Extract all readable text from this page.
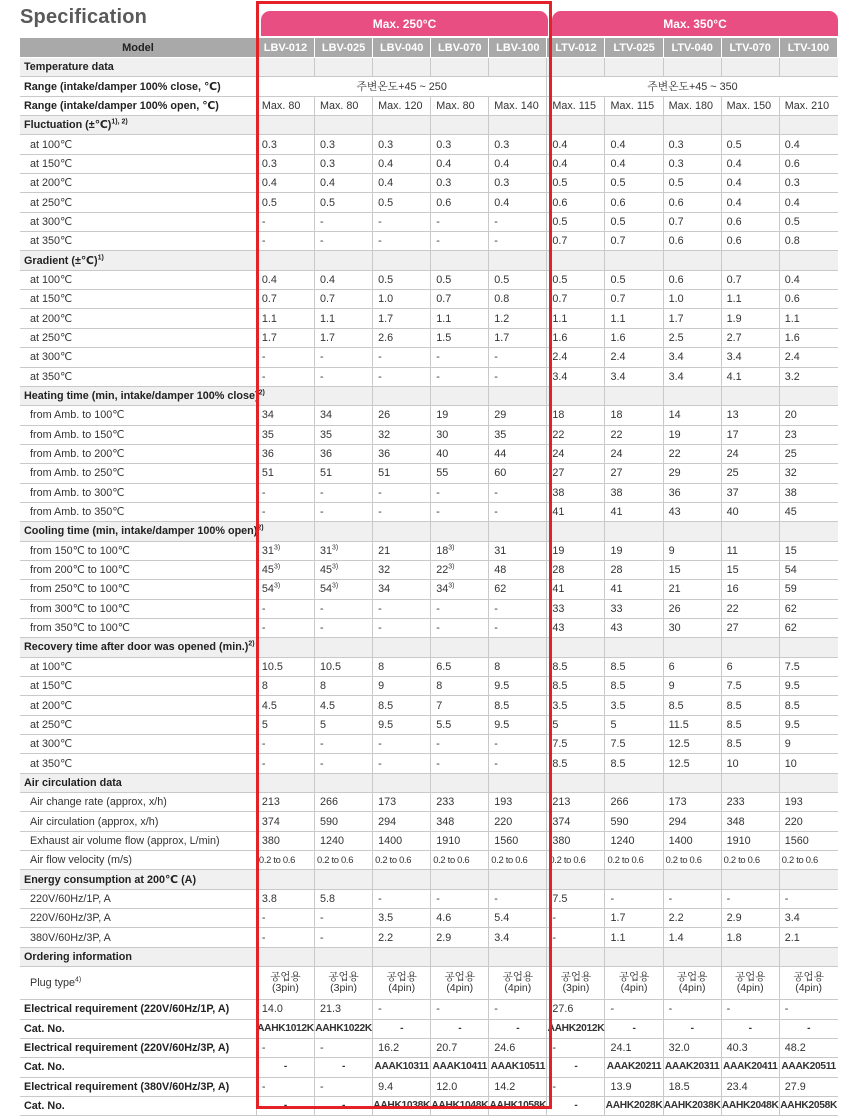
Specification	Max. 250°C	Max. 350°C
Model	LBV-012	LBV-025	LBV-040	LBV-070	LBV-100	LTV-012	LTV-025	LTV-040	LTV-070	LTV-100
Temperature data										
Range (intake/damper 100% close, ℃)	주변온도+45 ~ 250					주변온도+45 ~ 350				
Range (intake/damper 100% open, ℃)	Max. 80	Max. 80	Max. 120	Max. 80	Max. 140	Max. 115	Max. 115	Max. 180	Max. 150	Max. 210
Fluctuation (±℃)$^{1), 2)}$										
at 100℃	0.3	0.3	0.3	0.3	0.3	0.4	0.4	0.3	0.5	0.4
at 150℃	0.3	0.3	0.4	0.4	0.4	0.4	0.4	0.3	0.4	0.6
at 200℃	0.4	0.4	0.4	0.3	0.3	0.5	0.5	0.5	0.4	0.3
at 250℃	0.5	0.5	0.5	0.6	0.4	0.6	0.6	0.6	0.4	0.4
at 300℃	-	-	-	-	-	0.5	0.5	0.7	0.6	0.5
at 350℃	-	-	-	-	-	0.7	0.7	0.6	0.6	0.8
Gradient (±℃)$^{1)}$										
at 100℃	0.4	0.4	0.5	0.5	0.5	0.5	0.5	0.6	0.7	0.4
at 150℃	0.7	0.7	1.0	0.7	0.8	0.7	0.7	1.0	1.1	0.6
at 200℃	1.1	1.1	1.7	1.1	1.2	1.1	1.1	1.7	1.9	1.1
at 250℃	1.7	1.7	2.6	1.5	1.7	1.6	1.6	2.5	2.7	1.6
at 300℃	-	-	-	-	-	2.4	2.4	3.4	3.4	2.4
at 350℃	-	-	-	-	-	3.4	3.4	3.4	4.1	3.2
Heating time (min, intake/damper 100% close)$^{2)}$										
from Amb. to 100℃	34	34	26	19	29	18	18	14	13	20
from Amb. to 150℃	35	35	32	30	35	22	22	19	17	23
from Amb. to 200℃	36	36	36	40	44	24	24	22	24	25
from Amb. to 250℃	51	51	51	55	60	27	27	29	25	32
from Amb. to 300℃	-	-	-	-	-	38	38	36	37	38
from Amb. to 350℃	-	-	-	-	-	41	41	43	40	45
Cooling time (min, intake/damper 100% open)$^{2)}$										
from 150℃ to 100℃	31$^{3)}$	31$^{3)}$	21	18$^{3)}$	31	19	19	9	11	15
from 200℃ to 100℃	45$^{3)}$	45$^{3)}$	32	22$^{3)}$	48	28	28	15	15	54
from 250℃ to 100℃	54$^{3)}$	54$^{3)}$	34	34$^{3)}$	62	41	41	21	16	59
from 300℃ to 100℃	-	-	-	-	-	33	33	26	22	62
from 350℃ to 100℃	-	-	-	-	-	43	43	30	27	62
Recovery time after door was opened $(\min.)^{2)}$										
at 100℃	10.5	10.5	8	6.5	8	8.5	8.5	6	6	7.5
at 150℃	8	8	9	8	9.5	8.5	8.5	9	7.5	9.5
at 200℃	4.5	4.5	8.5	7	8.5	3.5	3.5	8.5	8.5	8.5
at 250℃	5	5	9.5	5.5	9.5	5	5	11.5	8.5	9.5
at 300℃	-	-	-	-	-	7.5	7.5	12.5	8.5	9
at 350℃	-	-	-	-	-	8.5	8.5	12.5	10	10
Air circulation data										
Air change rate (approx, x/h)	213	266	173	233	193	213	266	173	233	193
Air circulation (approx, x/h)	374	590	294	348	220	374	590	294	348	220
Exhaust air volume flow (approx, L/min)	380	1240	1400	1910	1560	380	1240	1400	1910	1560
Air flow velocity (m/s)	0.2 to 0.6	0.2 to 0.6	0.2 to 0.6	0.2 to 0.6	0.2 to 0.6	0.2 to 0.6	0.2 to 0.6	0.2 to 0.6	0.2 to 0.6	0.2 to 0.6
Energy consumption at 200℃ (A)										
220V/60Hz/1P, A	3.8	5.8	-	-	-	7.5	-	-	-	-
220V/60Hz/3P, A	-	-	3.5	4.6	5.4	-	1.7	2.2	2.9	3.4
380V/60Hz/3P, A	-	-	2.2	2.9	3.4	-	1.1	1.4	1.8	2.1
Ordering information										
Plug type$^{4)}$	공업용 (3pin)	공업용 (3pin)	공업용 (4pin)	공업용 (4pin)	공업용 (4pin)	공업용 (3pin)	공업용 (4pin)	공업용 (4pin)	공업용 (4pin)	공업용 (4pin)
Electrical requirement (220V/60Hz/1P, A)	14.0	21.3	-	-	-	27.6	-	-	-	-
Cat. No.	AAHK1012K	AAHK1022K	-	-	-	AAHK2012K	-	-	-	-
Electrical requirement (220V/60Hz/3P, A)	-	-	16.2	20.7	24.6	-	24.1	32.0	40.3	48.2
Cat. No.	-	-	AAAK10311	AAAK10411	AAAK10511	-	AAAK20211	AAAK20311	AAAK20411	AAAK20511
Electrical requirement (380V/60Hz/3P, A)	-	-	9.4	12.0	14.2	-	13.9	18.5	23.4	27.9
Cat. No.	-	-	AAHK1038K	AAHK1048K	AAHK1058K	-	AAHK2028K	AAHK2038K	AAHK2048K	AAHK2058K
